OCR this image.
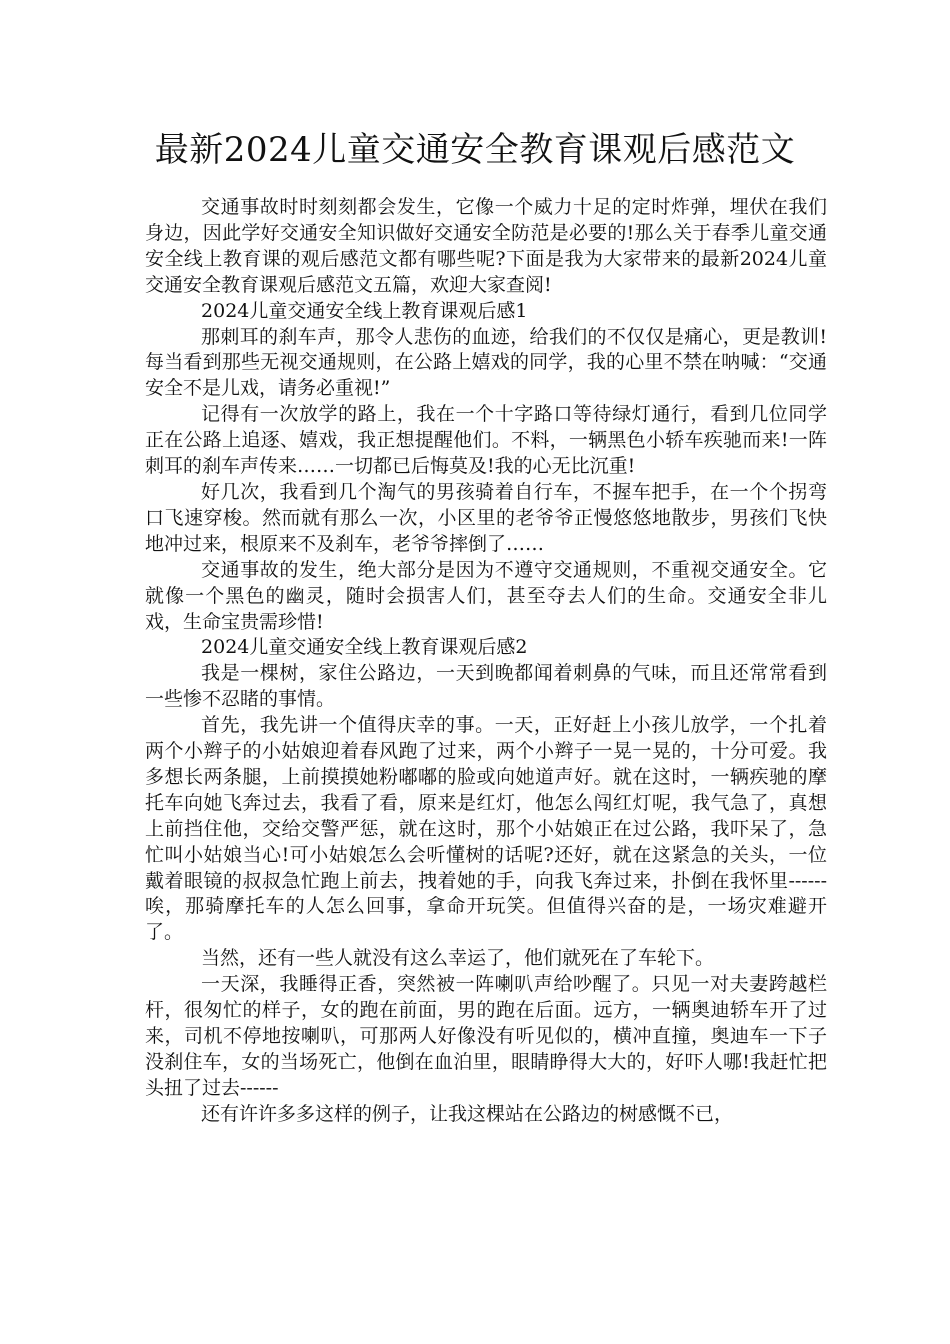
最新2024儿童交通安全教育课观后感范文

交通事故时时刻刻都会发生，它像一个威力十足的定时炸弹，埋伏在我们身边，因此学好交通安全知识做好交通安全防范是必要的!那么关于春季儿童交通安全线上教育课的观后感范文都有哪些呢?下面是我为大家带来的最新2024儿童交通安全教育课观后感范文五篇，欢迎大家查阅!

2024儿童交通安全线上教育课观后感1

那刺耳的刹车声，那令人悲伤的血迹，给我们的不仅仅是痛心，更是教训!每当看到那些无视交通规则，在公路上嬉戏的同学，我的心里不禁在呐喊：“交通安全不是儿戏，请务必重视!”

记得有一次放学的路上，我在一个十字路口等待绿灯通行，看到几位同学正在公路上追逐、嬉戏，我正想提醒他们。不料，一辆黑色小轿车疾驰而来!一阵刺耳的刹车声传来……一切都已后悔莫及!我的心无比沉重!

好几次，我看到几个淘气的男孩骑着自行车，不握车把手，在一个个拐弯口飞速穿梭。然而就有那么一次，小区里的老爷爷正慢悠悠地散步，男孩们飞快地冲过来，根原来不及刹车，老爷爷摔倒了……

交通事故的发生，绝大部分是因为不遵守交通规则，不重视交通安全。它就像一个黑色的幽灵，随时会损害人们，甚至夺去人们的生命。交通安全非儿戏，生命宝贵需珍惜!

2024儿童交通安全线上教育课观后感2

我是一棵树，家住公路边，一天到晚都闻着刺鼻的气味，而且还常常看到一些惨不忍睹的事情。

首先，我先讲一个值得庆幸的事。一天，正好赶上小孩儿放学，一个扎着两个小辫子的小姑娘迎着春风跑了过来，两个小辫子一晃一晃的，十分可爱。我多想长两条腿，上前摸摸她粉嘟嘟的脸或向她道声好。就在这时，一辆疾驰的摩托车向她飞奔过去，我看了看，原来是红灯，他怎么闯红灯呢，我气急了，真想上前挡住他，交给交警严惩，就在这时，那个小姑娘正在过公路，我吓呆了，急忙叫小姑娘当心!可小姑娘怎么会听懂树的话呢?还好，就在这紧急的关头，一位戴着眼镜的叔叔急忙跑上前去，拽着她的手，向我飞奔过来，扑倒在我怀里------唉，那骑摩托车的人怎么回事，拿命开玩笑。但值得兴奋的是，一场灾难避开了。

当然，还有一些人就没有这么幸运了，他们就死在了车轮下。

一天深，我睡得正香，突然被一阵喇叭声给吵醒了。只见一对夫妻跨越栏杆，很匆忙的样子，女的跑在前面，男的跑在后面。远方，一辆奥迪轿车开了过来，司机不停地按喇叭，可那两人好像没有听见似的，横冲直撞，奥迪车一下子没刹住车，女的当场死亡，他倒在血泊里，眼睛睁得大大的，好吓人哪!我赶忙把头扭了过去------

还有许许多多这样的例子，让我这棵站在公路边的树感慨不已，
